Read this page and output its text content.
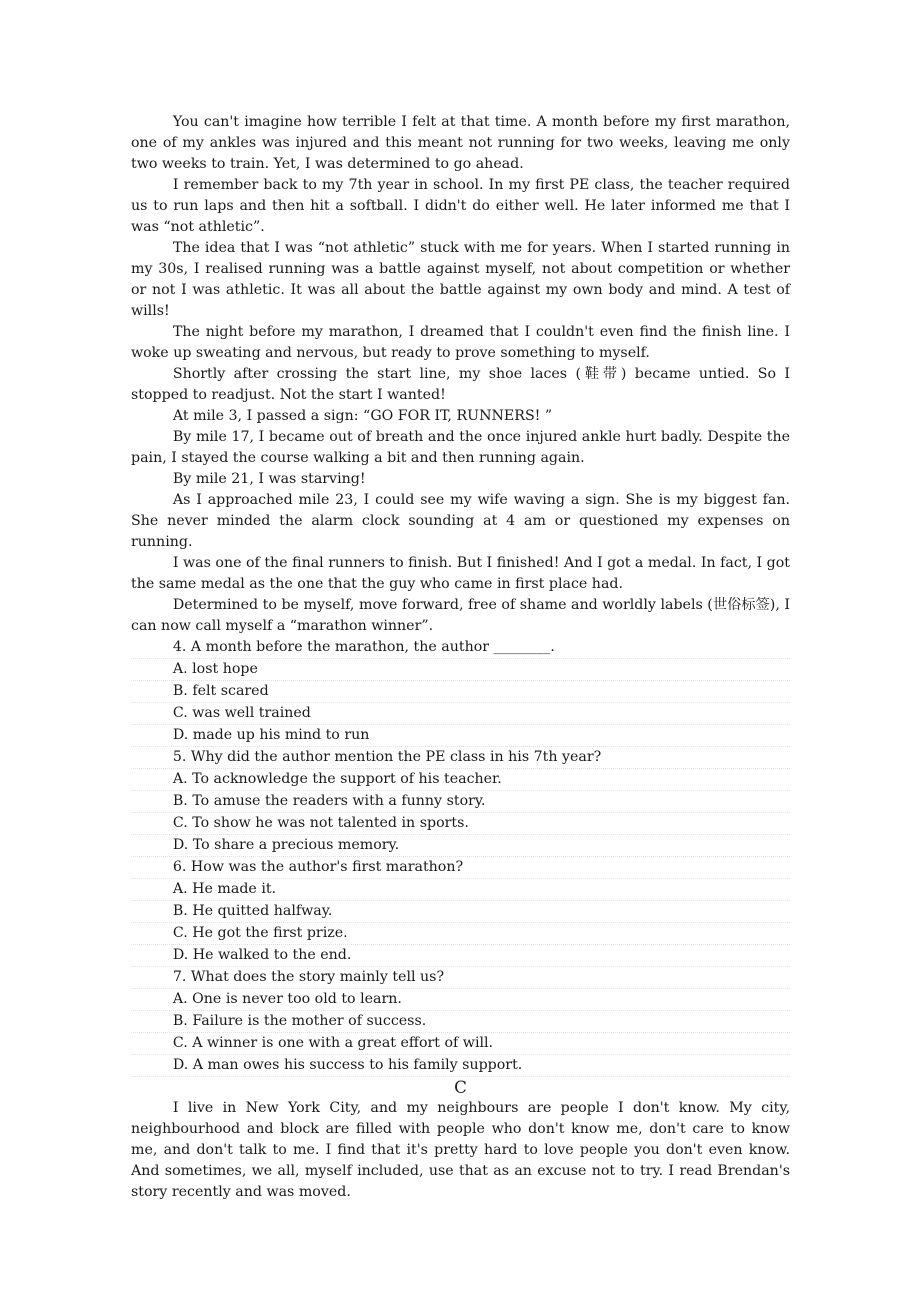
You can't imagine how terrible I felt at that time. A month before my first marathon, one of my ankles was injured and this meant not running for two weeks, leaving me only two weeks to train. Yet, I was determined to go ahead.

I remember back to my 7th year in school. In my first PE class, the teacher required us to run laps and then hit a softball. I didn't do either well. He later informed me that I was “not athletic”.

The idea that I was “not athletic” stuck with me for years. When I started running in my 30s, I realised running was a battle against myself, not about competition or whether or not I was athletic. It was all about the battle against my own body and mind. A test of wills!

The night before my marathon, I dreamed that I couldn't even find the finish line. I woke up sweating and nervous, but ready to prove something to myself.

Shortly after crossing the start line, my shoe laces (鞋带) became untied. So I stopped to readjust. Not the start I wanted!

At mile 3, I passed a sign: “GO FOR IT, RUNNERS! ”

By mile 17, I became out of breath and the once injured ankle hurt badly. Despite the pain, I stayed the course walking a bit and then running again.

By mile 21, I was starving!

As I approached mile 23, I could see my wife waving a sign. She is my biggest fan. She never minded the alarm clock sounding at 4 am or questioned my expenses on running.

I was one of the final runners to finish. But I finished! And I got a medal. In fact, I got the same medal as the one that the guy who came in first place had.

Determined to be myself, move forward, free of shame and worldly labels (世俗标签), I can now call myself a “marathon winner”.

4. A month before the marathon, the author ________.

A. lost hope

B. felt scared

C. was well trained

D. made up his mind to run

5. Why did the author mention the PE class in his 7th year?

A. To acknowledge the support of his teacher.

B. To amuse the readers with a funny story.

C. To show he was not talented in sports.

D. To share a precious memory.

6. How was the author's first marathon?

A. He made it.

B. He quitted halfway.

C. He got the first prize.

D. He walked to the end.

7. What does the story mainly tell us?

A. One is never too old to learn.

B. Failure is the mother of success.

C. A winner is one with a great effort of will.

D. A man owes his success to his family support.

C

I live in New York City, and my neighbours are people I don't know. My city, neighbourhood and block are filled with people who don't know me, don't care to know me, and don't talk to me. I find that it's pretty hard to love people you don't even know. And sometimes, we all, myself included, use that as an excuse not to try. I read Brendan's story recently and was moved.
